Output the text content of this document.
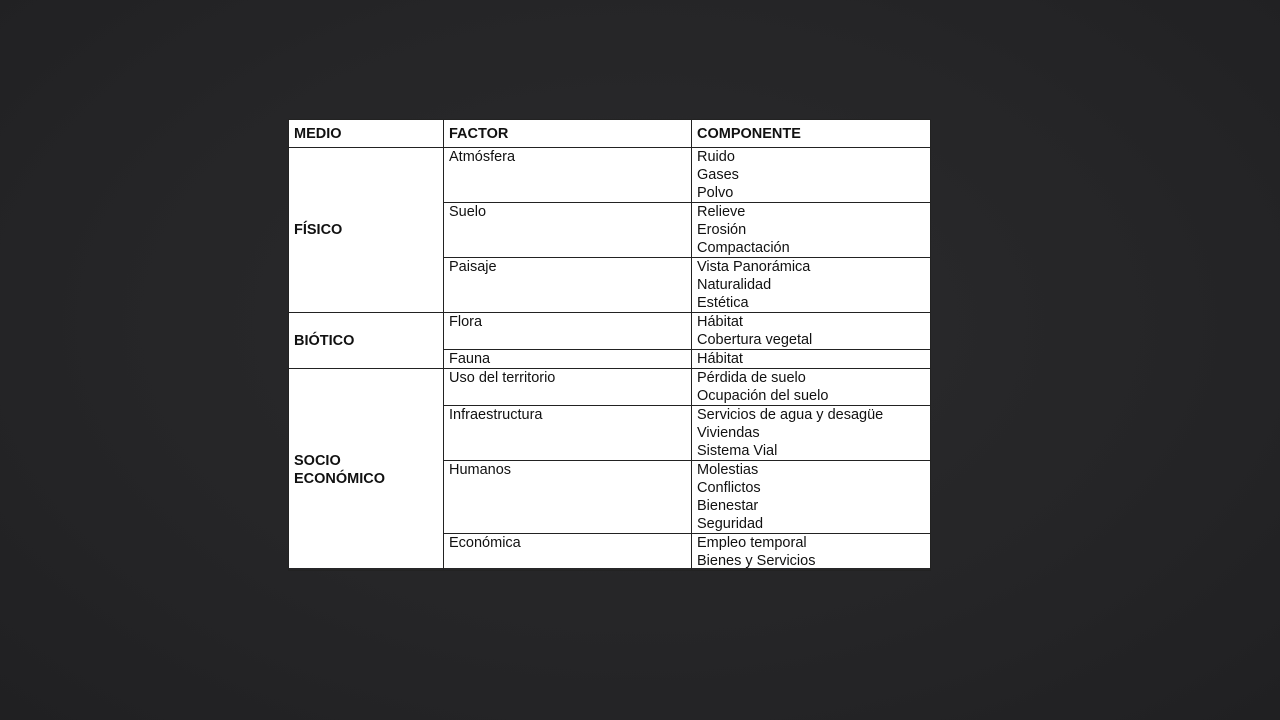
MEDIO	FACTOR	COMPONENTE

FÍSICO	Atmósfera	Ruido
Gases
Polvo

	Suelo	Relieve
Erosión
Compactación

	Paisaje	Vista Panorámica
Naturalidad
Estética

BIÓTICO	Flora	Hábitat
Cobertura vegetal

	Fauna	Hábitat

SOCIO
ECONÓMICO	Uso del territorio	Pérdida de suelo
Ocupación del suelo

	Infraestructura	Servicios de agua y desagüe
Viviendas
Sistema Vial

	Humanos	Molestias
Conflictos
Bienestar
Seguridad

	Económica	Empleo temporal
Bienes y Servicios
